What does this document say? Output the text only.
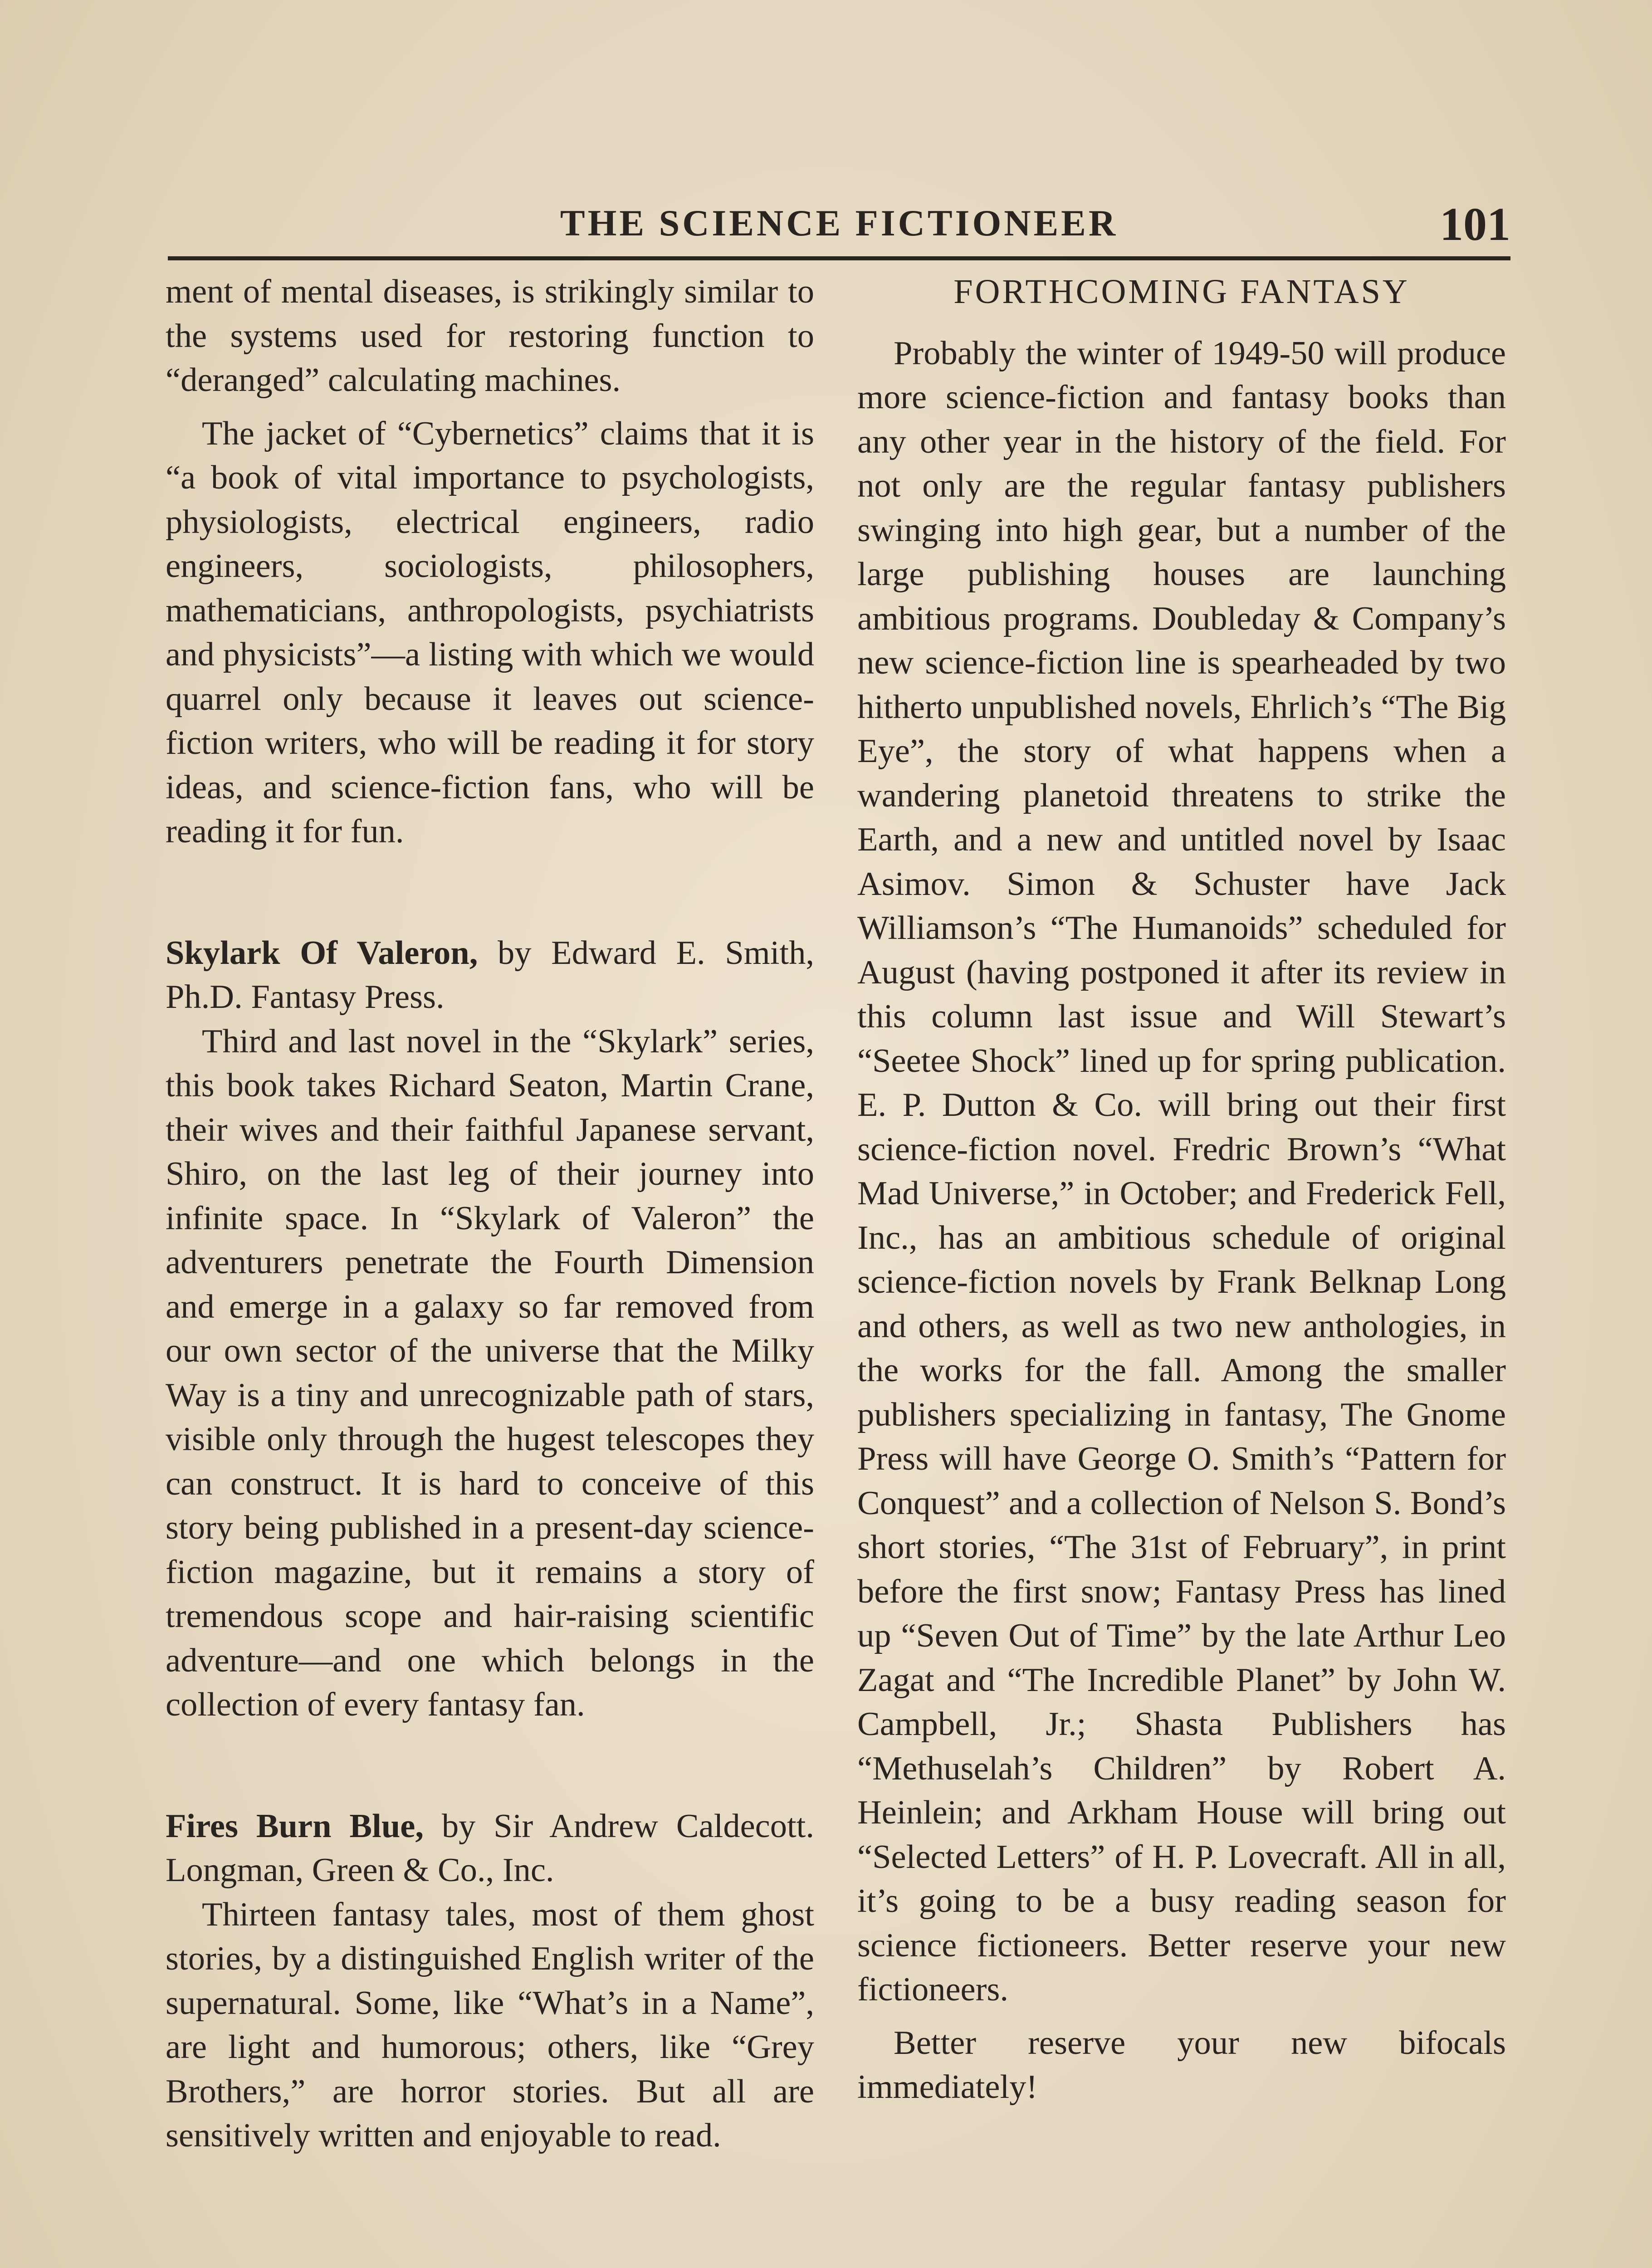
THE SCIENCE FICTIONEER	101

ment of mental diseases, is strikingly similar to the systems used for restoring function to “deranged” calculating machines.

The jacket of “Cybernetics” claims that it is “a book of vital importance to psychologists, physiologists, electrical engineers, radio engineers, sociologists, philosophers, mathematicians, anthropologists, psychiatrists and physicists”—a listing with which we would quarrel only because it leaves out science-fiction writers, who will be reading it for story ideas, and science-fiction fans, who will be reading it for fun.

Skylark Of Valeron, by Edward E. Smith, Ph.D. Fantasy Press.

Third and last novel in the “Skylark” series, this book takes Richard Seaton, Martin Crane, their wives and their faithful Japanese servant, Shiro, on the last leg of their journey into infinite space. In “Skylark of Valeron” the adventurers penetrate the Fourth Dimension and emerge in a galaxy so far removed from our own sector of the universe that the Milky Way is a tiny and unrecognizable path of stars, visible only through the hugest telescopes they can construct. It is hard to conceive of this story being published in a present-day science-fiction magazine, but it remains a story of tremendous scope and hair-raising scientific adventure—and one which belongs in the collection of every fantasy fan.

Fires Burn Blue, by Sir Andrew Caldecott. Longman, Green & Co., Inc.

Thirteen fantasy tales, most of them ghost stories, by a distinguished English writer of the supernatural. Some, like “What’s in a Name”, are light and humorous; others, like “Grey Brothers,” are horror stories. But all are sensitively written and enjoyable to read.

FORTHCOMING FANTASY

Probably the winter of 1949-50 will produce more science-fiction and fantasy books than any other year in the history of the field. For not only are the regular fantasy publishers swinging into high gear, but a number of the large publishing houses are launching ambitious programs. Doubleday & Company’s new science-fiction line is spearheaded by two hitherto unpublished novels, Ehrlich’s “The Big Eye”, the story of what happens when a wandering planetoid threatens to strike the Earth, and a new and untitled novel by Isaac Asimov. Simon & Schuster have Jack Williamson’s “The Humanoids” scheduled for August (having postponed it after its review in this column last issue and Will Stewart’s “Seetee Shock” lined up for spring publication. E. P. Dutton & Co. will bring out their first science-fiction novel. Fredric Brown’s “What Mad Universe,” in October; and Frederick Fell, Inc., has an ambitious schedule of original science-fiction novels by Frank Belknap Long and others, as well as two new anthologies, in the works for the fall. Among the smaller publishers specializing in fantasy, The Gnome Press will have George O. Smith’s “Pattern for Conquest” and a collection of Nelson S. Bond’s short stories, “The 31st of February”, in print before the first snow; Fantasy Press has lined up “Seven Out of Time” by the late Arthur Leo Zagat and “The Incredible Planet” by John W. Campbell, Jr.; Shasta Publishers has “Methuselah’s Children” by Robert A. Heinlein; and Arkham House will bring out “Selected Letters” of H. P. Lovecraft. All in all, it’s going to be a busy reading season for science fictioneers. Better reserve your new fictioneers.

Better reserve your new bifocals immediately!
